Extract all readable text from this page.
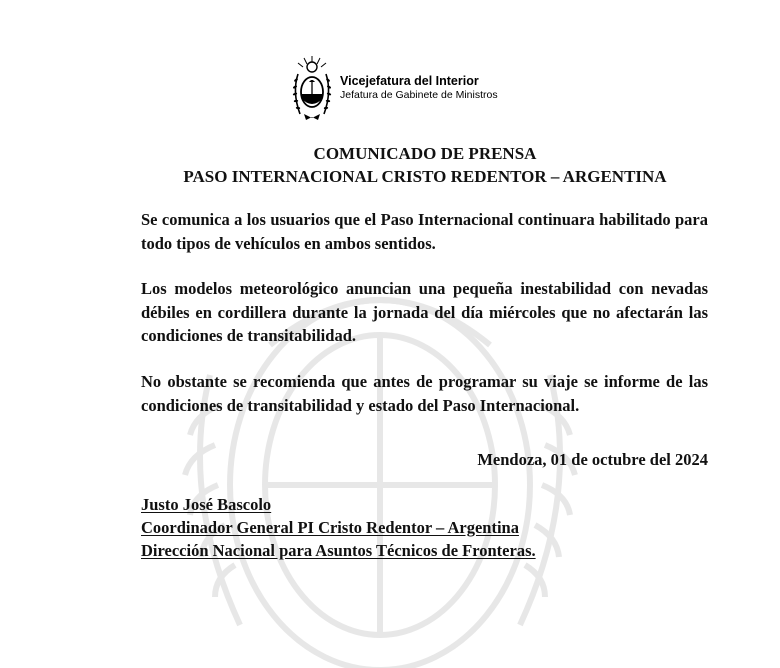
Vicejefatura del Interior
Jefatura de Gabinete de Ministros
COMUNICADO DE PRENSA
PASO INTERNACIONAL CRISTO REDENTOR – ARGENTINA

Se comunica a los usuarios que el Paso Internacional continuara habilitado para todo tipos de vehículos en ambos sentidos.

Los modelos meteorológico anuncian una pequeña inestabilidad con nevadas débiles en cordillera durante la jornada del día miércoles que no afectarán las condiciones de transitabilidad.

No obstante se recomienda que antes de programar su viaje se informe de las condiciones de transitabilidad y estado del Paso Internacional.

Mendoza, 01 de octubre del 2024
Justo José Bascolo
Coordinador General PI Cristo Redentor – Argentina
Dirección Nacional para Asuntos Técnicos de Fronteras.
